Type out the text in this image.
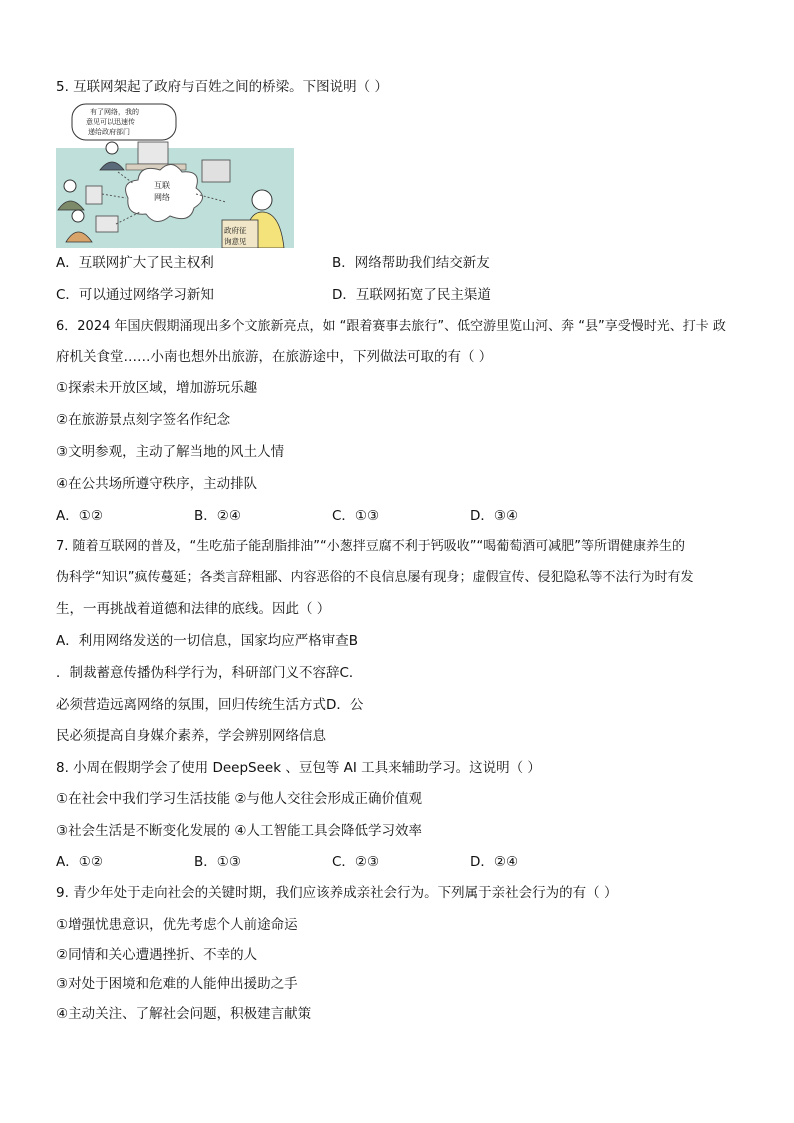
5. 互联网架起了政府与百姓之间的桥梁。下图说明（ ）
有了网络，我的
意见可以迅速传
递给政府部门
互联
网络
政府征
询意见
A．互联网扩大了民主权利	B．网络帮助我们结交新友
C．可以通过网络学习新知	D．互联网拓宽了民主渠道
6．2024 年国庆假期涌现出多个文旅新亮点，如 “跟着赛事去旅行”、低空游里览山河、奔 “县”享受慢时光、打卡 政
府机关食堂……小南也想外出旅游，在旅游途中，下列做法可取的有（ ）
①探索未开放区域，增加游玩乐趣
②在旅游景点刻字签名作纪念
③文明参观，主动了解当地的风土人情
④在公共场所遵守秩序，主动排队
A．①②	B．②④	C．①③	D．③④
7. 随着互联网的普及，“生吃茄子能刮脂排油”“小葱拌豆腐不利于钙吸收”“喝葡萄酒可减肥”等所谓健康养生的
伪科学“知识”疯传蔓延；各类言辞粗鄙、内容恶俗的不良信息屡有现身；虚假宣传、侵犯隐私等不法行为时有发
生，一再挑战着道德和法律的底线。因此（ ）
A．利用网络发送的一切信息，国家均应严格审查B
．制裁蓄意传播伪科学行为，科研部门义不容辞C．
必须营造远离网络的氛围，回归传统生活方式D．公
民必须提高自身媒介素养，学会辨别网络信息
8. 小周在假期学会了使用 DeepSeek 、豆包等 AI 工具来辅助学习。这说明（ ）
①在社会中我们学习生活技能 ②与他人交往会形成正确价值观
③社会生活是不断变化发展的 ④人工智能工具会降低学习效率
A．①②	B．①③	C．②③	D．②④
9. 青少年处于走向社会的关键时期，我们应该养成亲社会行为。下列属于亲社会行为的有（ ）
①增强忧患意识，优先考虑个人前途命运
②同情和关心遭遇挫折、不幸的人
③对处于困境和危难的人能伸出援助之手
④主动关注、了解社会问题，积极建言献策
